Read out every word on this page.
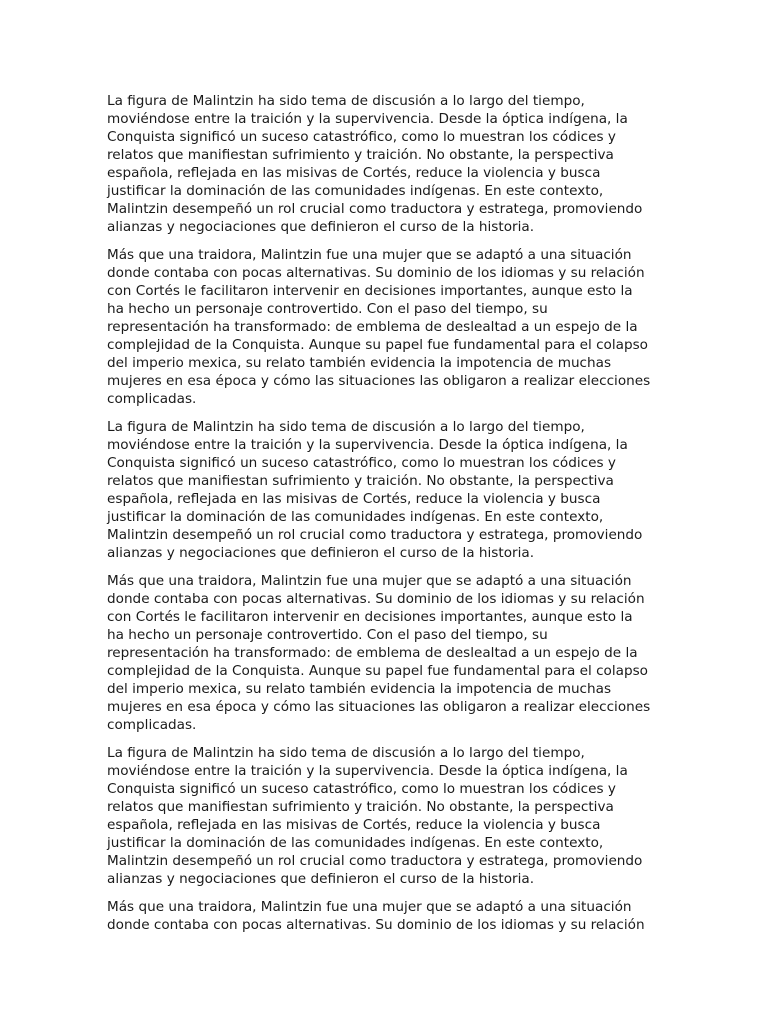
La figura de Malintzin ha sido tema de discusión a lo largo del tiempo,
moviéndose entre la traición y la supervivencia. Desde la óptica indígena, la
Conquista significó un suceso catastrófico, como lo muestran los códices y
relatos que manifiestan sufrimiento y traición. No obstante, la perspectiva
española, reflejada en las misivas de Cortés, reduce la violencia y busca
justificar la dominación de las comunidades indígenas. En este contexto,
Malintzin desempeñó un rol crucial como traductora y estratega, promoviendo
alianzas y negociaciones que definieron el curso de la historia.

Más que una traidora, Malintzin fue una mujer que se adaptó a una situación
donde contaba con pocas alternativas. Su dominio de los idiomas y su relación
con Cortés le facilitaron intervenir en decisiones importantes, aunque esto la
ha hecho un personaje controvertido. Con el paso del tiempo, su
representación ha transformado: de emblema de deslealtad a un espejo de la
complejidad de la Conquista. Aunque su papel fue fundamental para el colapso
del imperio mexica, su relato también evidencia la impotencia de muchas
mujeres en esa época y cómo las situaciones las obligaron a realizar elecciones
complicadas.

La figura de Malintzin ha sido tema de discusión a lo largo del tiempo,
moviéndose entre la traición y la supervivencia. Desde la óptica indígena, la
Conquista significó un suceso catastrófico, como lo muestran los códices y
relatos que manifiestan sufrimiento y traición. No obstante, la perspectiva
española, reflejada en las misivas de Cortés, reduce la violencia y busca
justificar la dominación de las comunidades indígenas. En este contexto,
Malintzin desempeñó un rol crucial como traductora y estratega, promoviendo
alianzas y negociaciones que definieron el curso de la historia.

Más que una traidora, Malintzin fue una mujer que se adaptó a una situación
donde contaba con pocas alternativas. Su dominio de los idiomas y su relación
con Cortés le facilitaron intervenir en decisiones importantes, aunque esto la
ha hecho un personaje controvertido. Con el paso del tiempo, su
representación ha transformado: de emblema de deslealtad a un espejo de la
complejidad de la Conquista. Aunque su papel fue fundamental para el colapso
del imperio mexica, su relato también evidencia la impotencia de muchas
mujeres en esa época y cómo las situaciones las obligaron a realizar elecciones
complicadas.

La figura de Malintzin ha sido tema de discusión a lo largo del tiempo,
moviéndose entre la traición y la supervivencia. Desde la óptica indígena, la
Conquista significó un suceso catastrófico, como lo muestran los códices y
relatos que manifiestan sufrimiento y traición. No obstante, la perspectiva
española, reflejada en las misivas de Cortés, reduce la violencia y busca
justificar la dominación de las comunidades indígenas. En este contexto,
Malintzin desempeñó un rol crucial como traductora y estratega, promoviendo
alianzas y negociaciones que definieron el curso de la historia.

Más que una traidora, Malintzin fue una mujer que se adaptó a una situación
donde contaba con pocas alternativas. Su dominio de los idiomas y su relación
